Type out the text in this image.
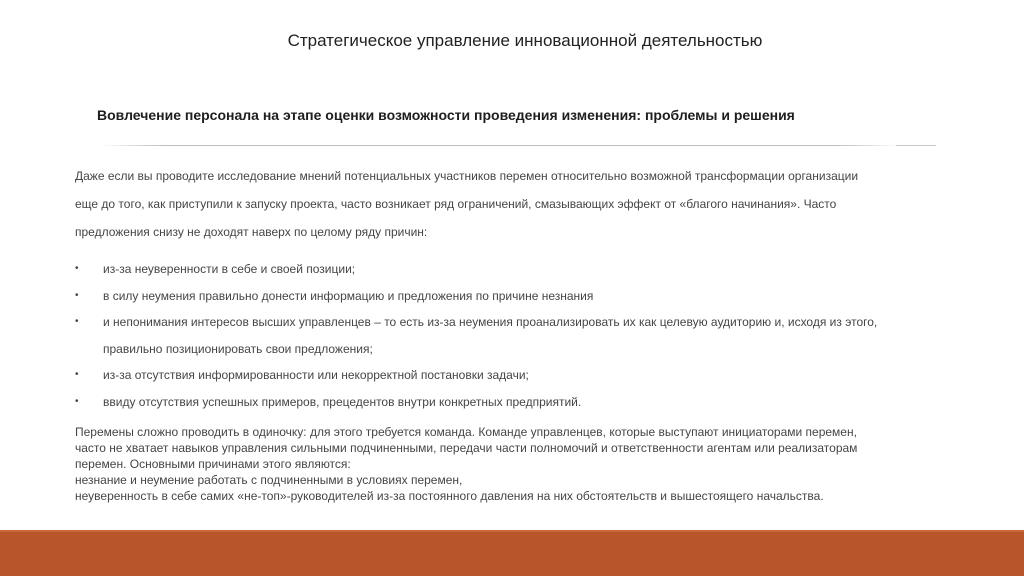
Стратегическое управление инновационной деятельностью
Вовлечение персонала на этапе оценки возможности проведения изменения: проблемы и решения
Даже если вы проводите исследование мнений потенциальных участников перемен относительно возможной трансформации организации
еще до того, как приступили к запуску проекта, часто возникает ряд ограничений, смазывающих эффект от «благого начинания». Часто
предложения снизу не доходят наверх по целому ряду причин:
• из-за неуверенности в себе и своей позиции;
• в силу неумения правильно донести информацию и предложения по причине незнания
• и непонимания интересов высших управленцев – то есть из-за неумения проанализировать их как целевую аудиторию и, исходя из этого,
правильно позиционировать свои предложения;
• из-за отсутствия информированности или некорректной постановки задачи;
• ввиду отсутствия успешных примеров, прецедентов внутри конкретных предприятий.
Перемены сложно проводить в одиночку: для этого требуется команда. Команде управленцев, которые выступают инициаторами перемен,
часто не хватает навыков управления сильными подчиненными, передачи части полномочий и ответственности агентам или реализаторам
перемен. Основными причинами этого являются:
незнание и неумение работать с подчиненными в условиях перемен,
неуверенность в себе самих «не-топ»-руководителей из-за постоянного давления на них обстоятельств и вышестоящего начальства.
